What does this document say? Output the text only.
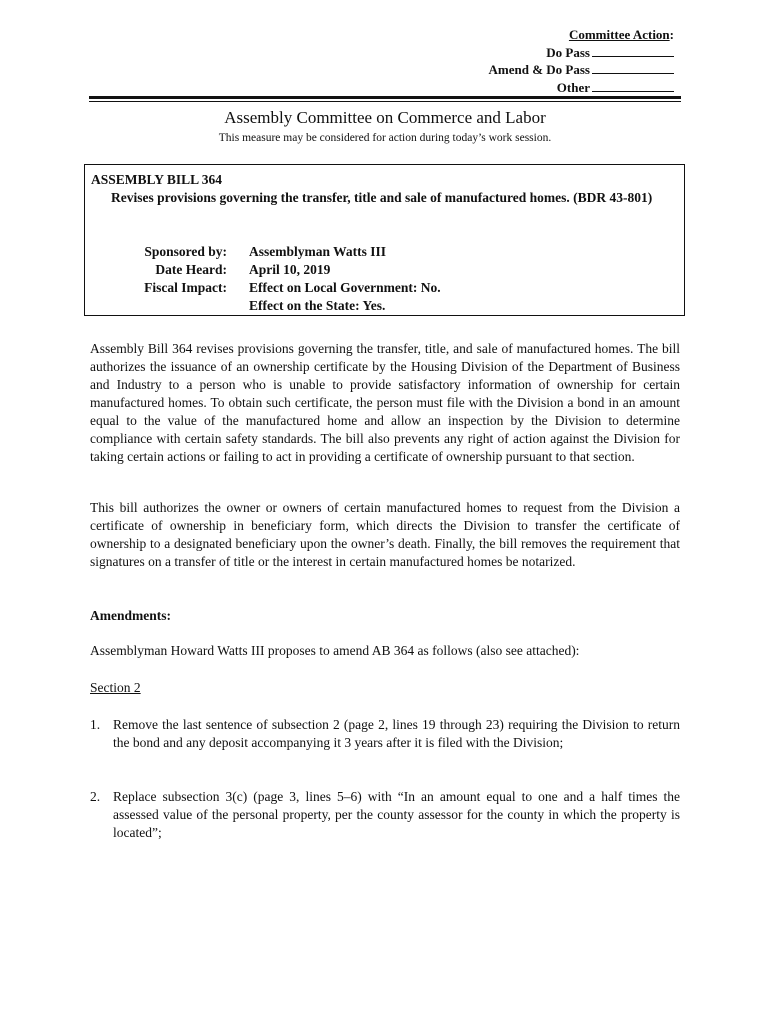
Committee Action:
Do Pass
Amend & Do Pass
Other
Assembly Committee on Commerce and Labor
This measure may be considered for action during today’s work session.
ASSEMBLY BILL 364
Revises provisions governing the transfer, title and sale of manufactured homes. (BDR 43-801)
Sponsored by: Assemblyman Watts III
Date Heard: April 10, 2019
Fiscal Impact: Effect on Local Government: No.
Effect on the State: Yes.
Assembly Bill 364 revises provisions governing the transfer, title, and sale of manufactured homes. The bill authorizes the issuance of an ownership certificate by the Housing Division of the Department of Business and Industry to a person who is unable to provide satisfactory information of ownership for certain manufactured homes. To obtain such certificate, the person must file with the Division a bond in an amount equal to the value of the manufactured home and allow an inspection by the Division to determine compliance with certain safety standards. The bill also prevents any right of action against the Division for taking certain actions or failing to act in providing a certificate of ownership pursuant to that section.
This bill authorizes the owner or owners of certain manufactured homes to request from the Division a certificate of ownership in beneficiary form, which directs the Division to transfer the certificate of ownership to a designated beneficiary upon the owner’s death. Finally, the bill removes the requirement that signatures on a transfer of title or the interest in certain manufactured homes be notarized.
Amendments:
Assemblyman Howard Watts III proposes to amend AB 364 as follows (also see attached):
Section 2
1. Remove the last sentence of subsection 2 (page 2, lines 19 through 23) requiring the Division to return the bond and any deposit accompanying it 3 years after it is filed with the Division;
2. Replace subsection 3(c) (page 3, lines 5–6) with “In an amount equal to one and a half times the assessed value of the personal property, per the county assessor for the county in which the property is located”;
